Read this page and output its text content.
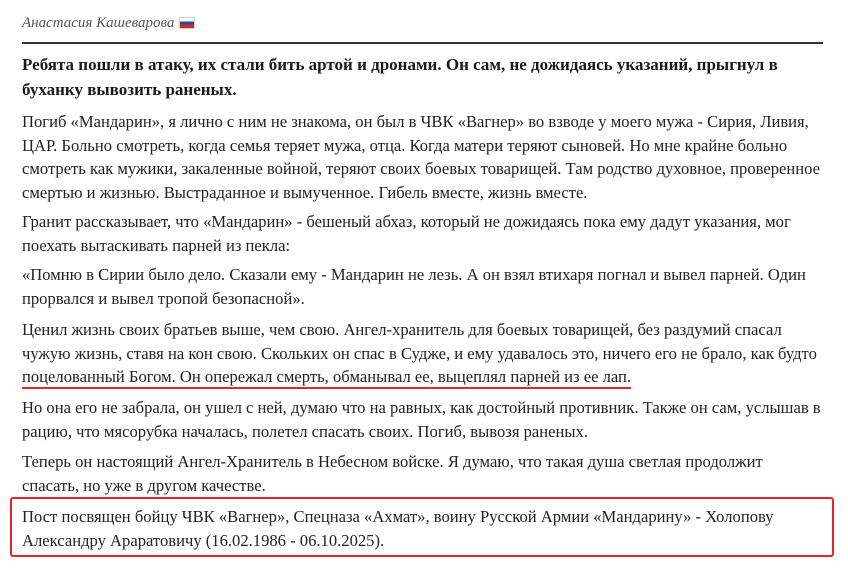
Анастасия Кашеварова

Ребята пошли в атаку, их стали бить артой и дронами. Он сам, не дожидаясь указаний, прыгнул в буханку вывозить раненых.

Погиб «Мандарин», я лично с ним не знакома, он был в ЧВК «Вагнер» во взводе у моего мужа - Сирия, Ливия, ЦАР. Больно смотреть, когда семья теряет мужа, отца. Когда матери теряют сыновей. Но мне крайне больно смотреть как мужики, закаленные войной, теряют своих боевых товарищей. Там родство духовное, проверенное смертью и жизнью. Выстраданное и вымученное. Гибель вместе, жизнь вместе.

Гранит рассказывает, что «Мандарин» - бешеный абхаз, который не дожидаясь пока ему дадут указания, мог поехать вытаскивать парней из пекла:

«Помню в Сирии было дело. Сказали ему - Мандарин не лезь. А он взял втихаря погнал и вывел парней. Один прорвался и вывел тропой безопасной».

Ценил жизнь своих братьев выше, чем свою. Ангел-хранитель для боевых товарищей, без раздумий спасал чужую жизнь, ставя на кон свою. Скольких он спас в Судже, и ему удавалось это, ничего его не брало, как будто поцелованный Богом. Он опережал смерть, обманывал ее, выцеплял парней из ее лап.

Но она его не забрала, он ушел с ней, думаю что на равных, как достойный противник. Также он сам, услышав в рацию, что мясорубка началась, полетел спасать своих. Погиб, вывозя раненых.

Теперь он настоящий Ангел-Хранитель в Небесном войске. Я думаю, что такая душа светлая продолжит спасать, но уже в другом качестве.

Пост посвящен бойцу ЧВК «Вагнер», Спецназа «Ахмат», воину Русской Армии «Мандарину» - Холопову Александру Араратовичу (16.02.1986 - 06.10.2025).
